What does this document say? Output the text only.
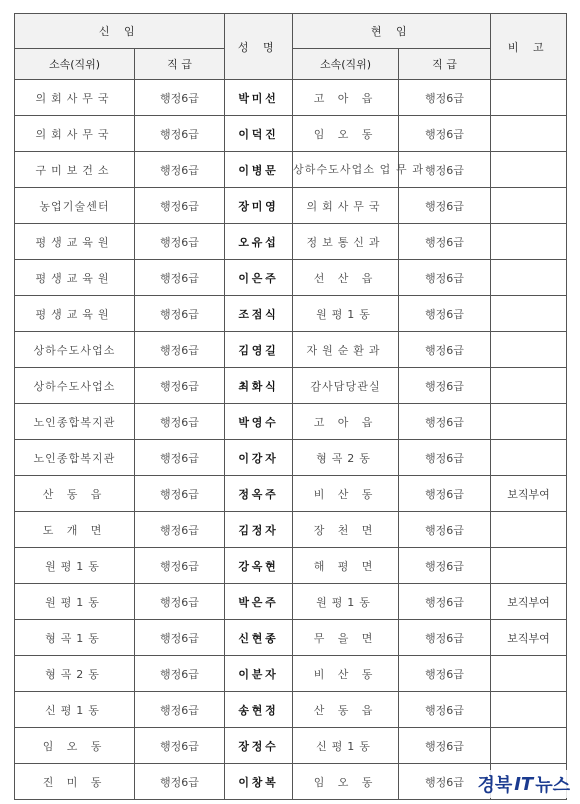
신 임		성 명	현 임		비 고
소속(직위)	직 급		소속(직위)	직 급	
의회사무국	행정6급	박미선	고 아 읍	행정6급	
의회사무국	행정6급	이덕진	임 오 동	행정6급	
구미보건소	행정6급	이병문	상하수도사업소 업 무 과	행정6급	
농업기술센터	행정6급	장미영	의회사무국	행정6급	
평생교육원	행정6급	오유섭	정보통신과	행정6급	
평생교육원	행정6급	이은주	선 산 읍	행정6급	
평생교육원	행정6급	조점식	원평1동	행정6급	
상하수도사업소	행정6급	김영길	자원순환과	행정6급	
상하수도사업소	행정6급	최화식	감사담당관실	행정6급	
노인종합복지관	행정6급	박영수	고 아 읍	행정6급	
노인종합복지관	행정6급	이강자	형곡2동	행정6급	
산 동 읍	행정6급	정옥주	비 산 동	행정6급	보직부여
도 개 면	행정6급	김정자	장 천 면	행정6급	
원평1동	행정6급	강옥현	해 평 면	행정6급	
원평1동	행정6급	박은주	원평1동	행정6급	보직부여
형곡1동	행정6급	신현종	무 을 면	행정6급	보직부여
형곡2동	행정6급	이분자	비 산 동	행정6급	
신평1동	행정6급	송현정	산 동 읍	행정6급	
임 오 동	행정6급	장정수	신평1동	행정6급	
진 미 동	행정6급	이창복	임 오 동	행정6급	경북 IT 뉴스
